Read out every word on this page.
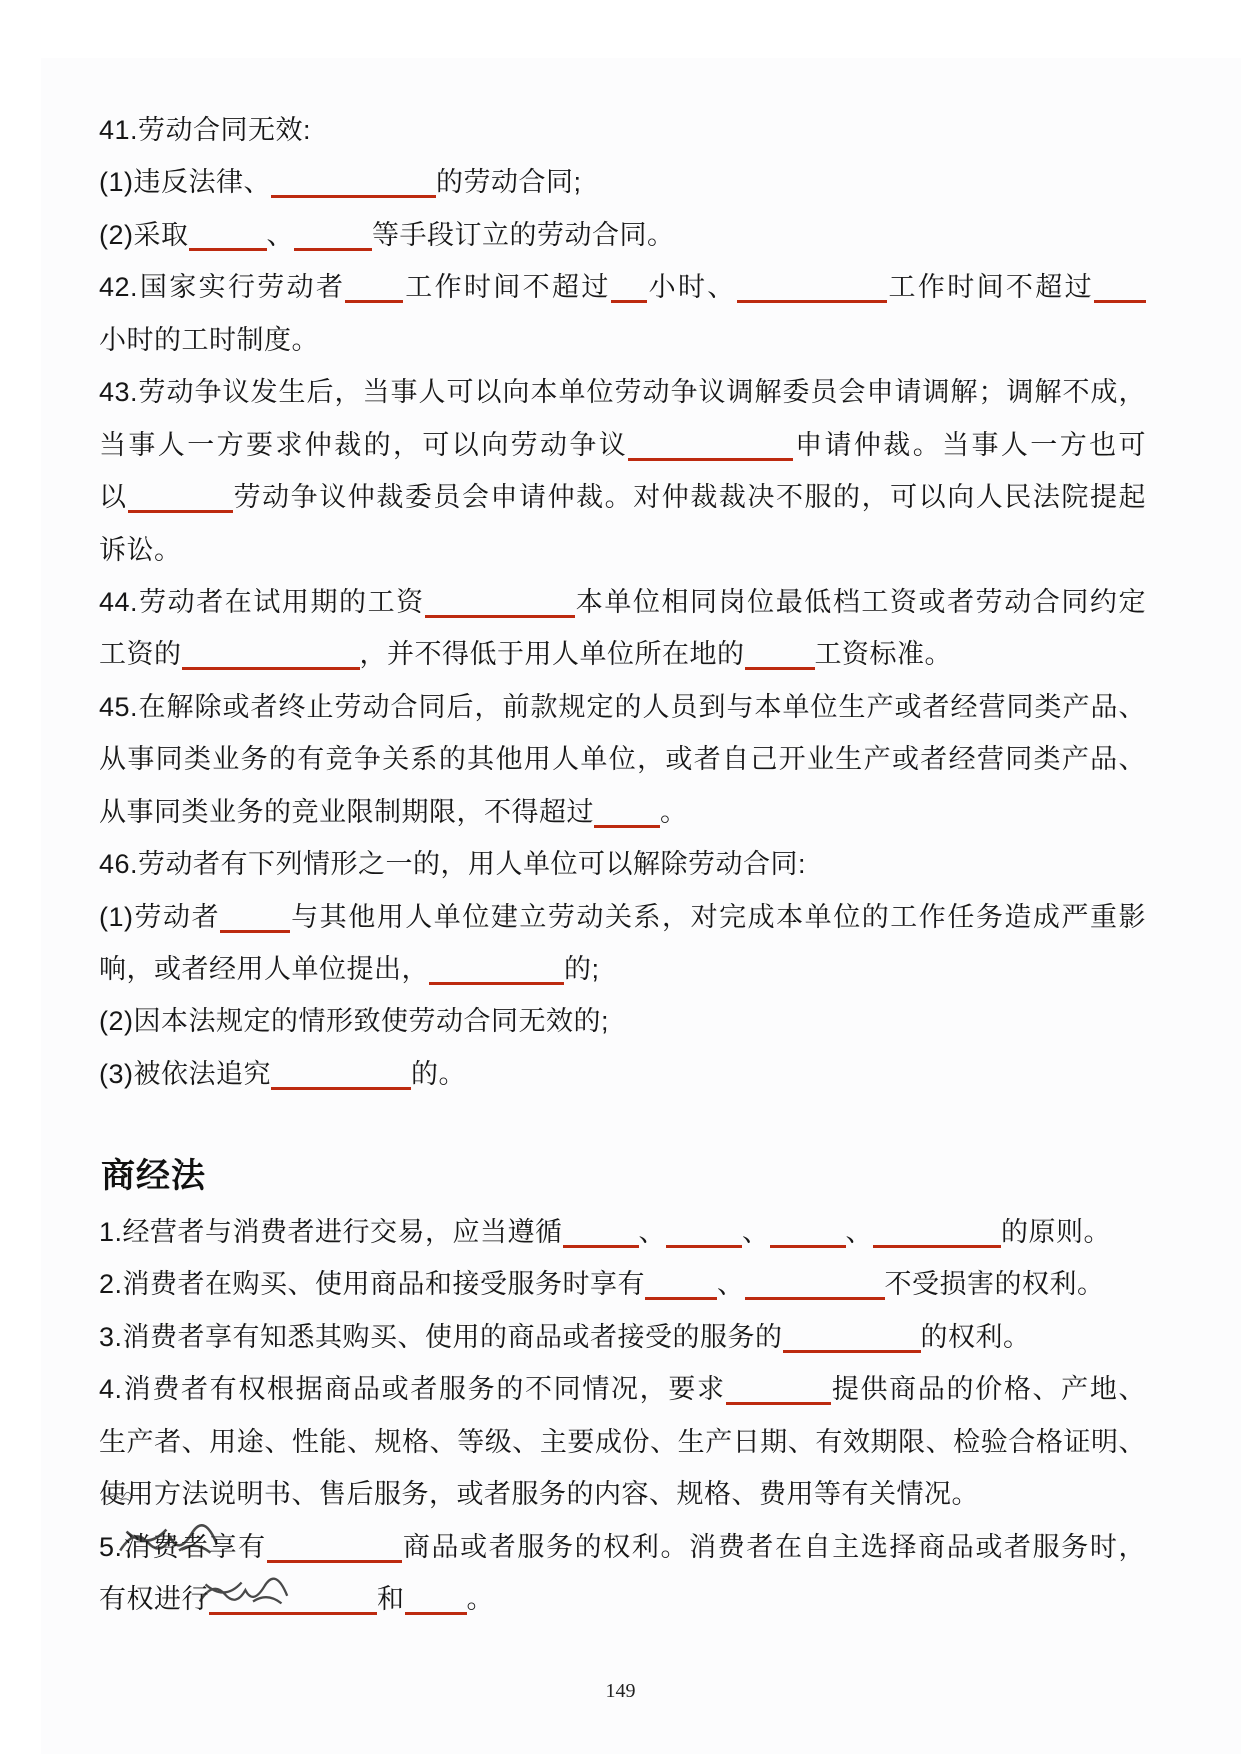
41.劳动合同无效:
(1)违反法律、	的劳动合同;
(2)采取	、	等手段订立的劳动合同。
42.国家实行劳动者 工作时间不超过 小时、	工作时间不超过
小时的工时制度。
43.劳动争议发生后，当事人可以向本单位劳动争议调解委员会申请调解；调解不成，
当事人一方要求仲裁的，可以向劳动争议	申请仲裁。当事人一方也可
以	劳动争议仲裁委员会申请仲裁。对仲裁裁决不服的，可以向人民法院提起
诉讼。
44.劳动者在试用期的工资	本单位相同岗位最低档工资或者劳动合同约定
工资的	，并不得低于用人单位所在地的	工资标准。
45.在解除或者终止劳动合同后，前款规定的人员到与本单位生产或者经营同类产品、
从事同类业务的有竞争关系的其他用人单位，或者自己开业生产或者经营同类产品、
从事同类业务的竞业限制期限，不得超过 。
46.劳动者有下列情形之一的，用人单位可以解除劳动合同:
(1)劳动者	与其他用人单位建立劳动关系，对完成本单位的工作任务造成严重影
响，或者经用人单位提出，	的;
(2)因本法规定的情形致使劳动合同无效的;
(3)被依法追究	的。
商经法
1.经营者与消费者进行交易，应当遵循	、	、	、	的原则。
2.消费者在购买、使用商品和接受服务时享有	、	不受损害的权利。
3.消费者享有知悉其购买、使用的商品或者接受的服务的	的权利。
4.消费者有权根据商品或者服务的不同情况，要求	提供商品的价格、产地、
生产者、用途、性能、规格、等级、主要成份、生产日期、有效期限、检验合格证明、
使用方法说明书、售后服务，或者服务的内容、规格、费用等有关情况。
5.消费者享有	商品或者服务的权利。消费者在自主选择商品或者服务时，
有权进行	和 。
149
